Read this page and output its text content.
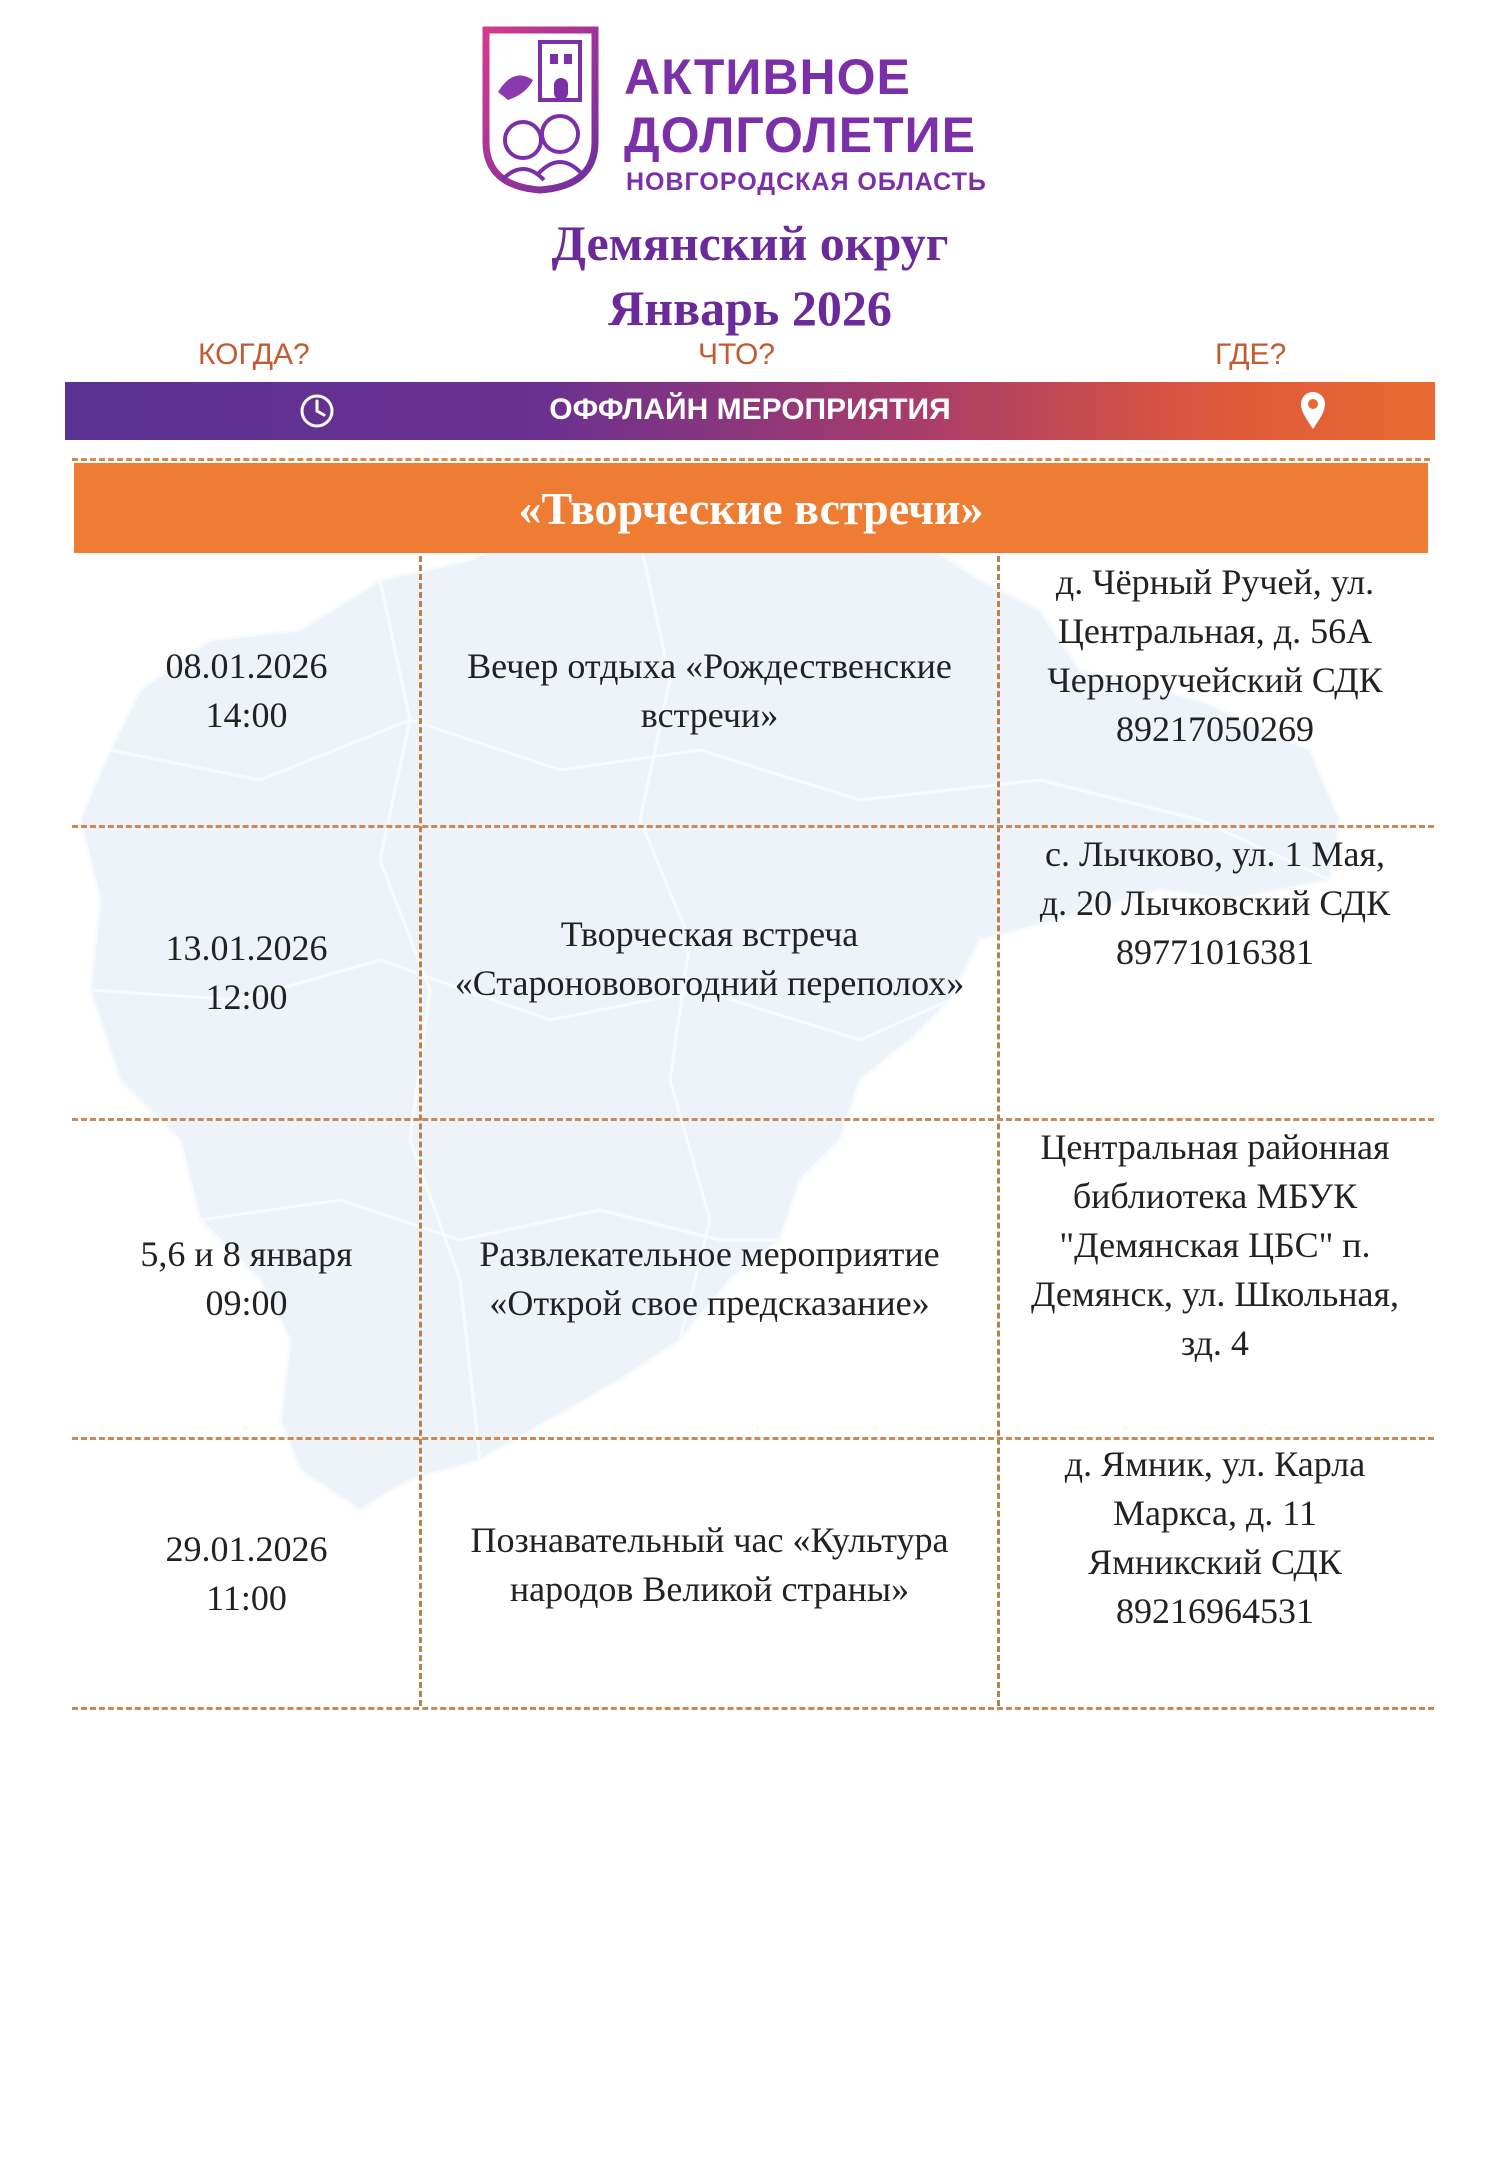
АКТИВНОЕ
ДОЛГОЛЕТИЕ
НОВГОРОДСКАЯ ОБЛАСТЬ
Демянский округ
Январь 2026
КОГДА?	ЧТО?	ГДЕ?
ОФФЛАЙН МЕРОПРИЯТИЯ
«Творческие встречи»
08.01.2026
14:00
Вечер отдыха «Рождественские
встречи»
д. Чёрный Ручей, ул.
Центральная, д. 56А
Черноручейский СДК
89217050269
13.01.2026
12:00
Творческая встреча
«Старонововогодний переполох»
с. Лычково, ул. 1 Мая,
д. 20 Лычковский СДК
89771016381
5,6 и 8 января
09:00
Развлекательное мероприятие
«Открой свое предсказание»
Центральная районная
библиотека МБУК
"Демянская ЦБС" п.
Демянск, ул. Школьная,
зд. 4
29.01.2026
11:00
Познавательный час «Культура
народов Великой страны»
д. Ямник, ул. Карла
Маркса, д. 11
Ямникский СДК
89216964531
